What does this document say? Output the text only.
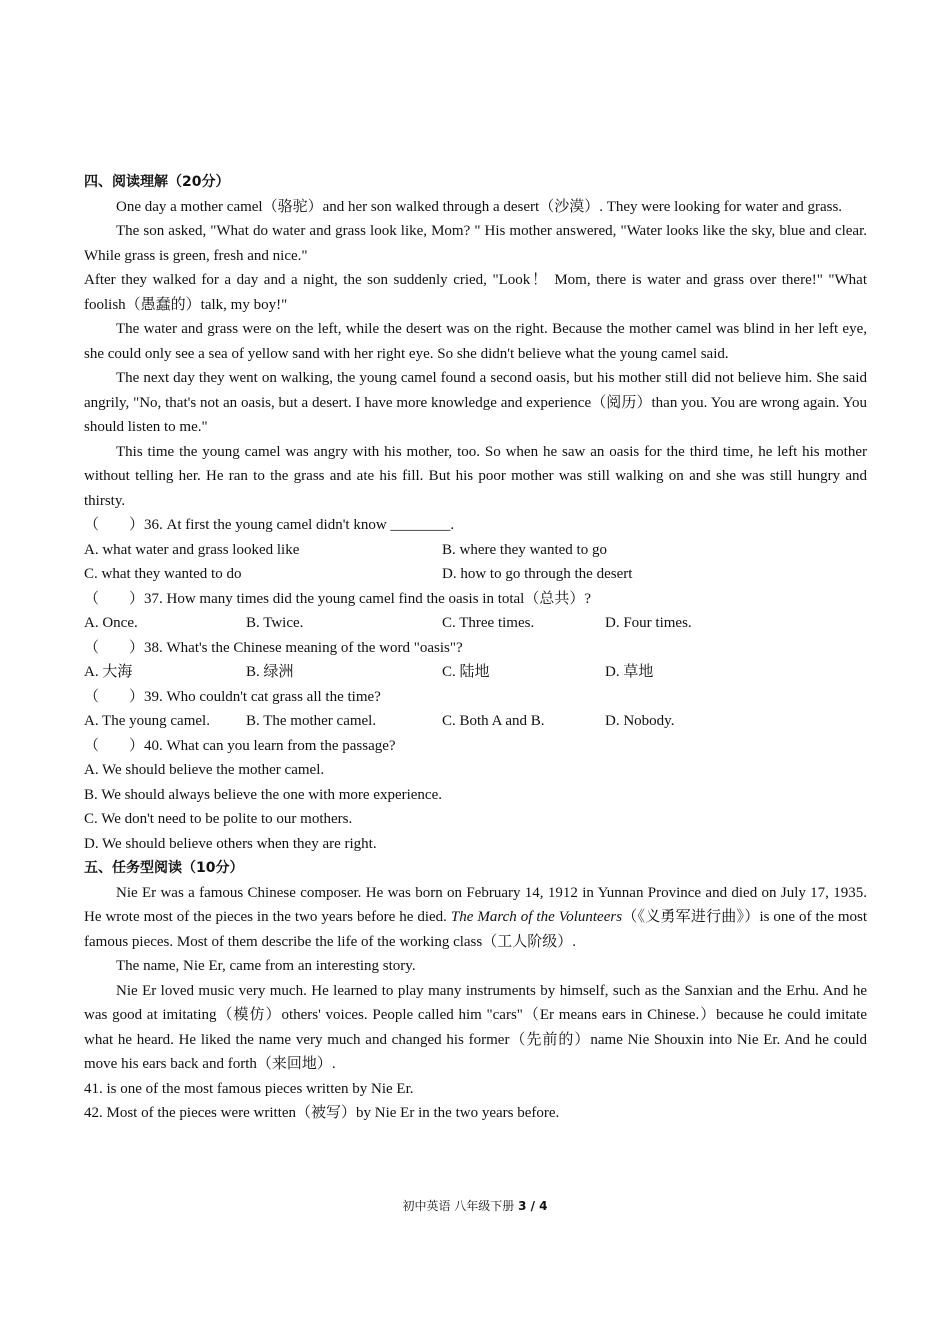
四、阅读理解（20分）

One day a mother camel（骆驼）and her son walked through a desert（沙漠）. They were looking for water and grass.

The son asked, "What do water and grass look like, Mom? " His mother answered, "Water looks like the sky, blue and clear. While grass is green, fresh and nice."

After they walked for a day and a night, the son suddenly cried, "Look！ Mom, there is water and grass over there!" "What foolish（愚蠢的）talk, my boy!"

The water and grass were on the left, while the desert was on the right. Because the mother camel was blind in her left eye, she could only see a sea of yellow sand with her right eye. So she didn't believe what the young camel said.

The next day they went on walking, the young camel found a second oasis, but his mother still did not believe him. She said angrily, "No, that's not an oasis, but a desert. I have more knowledge and experience（阅历）than you. You are wrong again. You should listen to me."

This time the young camel was angry with his mother, too. So when he saw an oasis for the third time, he left his mother without telling her. He ran to the grass and ate his fill. But his poor mother was still walking on and she was still hungry and thirsty.

（　　）36. At first the young camel didn't know ________.
A. what water and grass looked like	B. where they wanted to go
C. what they wanted to do	D. how to go through the desert
（　　）37. How many times did the young camel find the oasis in total（总共）?
A. Once.	B. Twice.	C. Three times.	D. Four times.
（　　）38. What's the Chinese meaning of the word "oasis"?
A. 大海	B. 绿洲	C. 陆地	D. 草地
（　　）39. Who couldn't cat grass all the time?
A. The young camel.	B. The mother camel.	C. Both A and B.	D. Nobody.
（　　）40. What can you learn from the passage?
A. We should believe the mother camel.
B. We should always believe the one with more experience.
C. We don't need to be polite to our mothers.
D. We should believe others when they are right.
五、任务型阅读（10分）

Nie Er was a famous Chinese composer. He was born on February 14, 1912 in Yunnan Province and died on July 17, 1935. He wrote most of the pieces in the two years before he died. The March of the Volunteers（《义勇军进行曲》）is one of the most famous pieces. Most of them describe the life of the working class（工人阶级）.

The name, Nie Er, came from an interesting story.

Nie Er loved music very much. He learned to play many instruments by himself, such as the Sanxian and the Erhu. And he was good at imitating（模仿）others' voices. People called him "cars"（Er means ears in Chinese.）because he could imitate what he heard. He liked the name very much and changed his former（先前的）name Nie Shouxin into Nie Er. And he could move his ears back and forth（来回地）.

41. is one of the most famous pieces written by Nie Er.
42. Most of the pieces were written（被写）by Nie Er in the two years before.
初中英语 八年级下册 3 / 4
